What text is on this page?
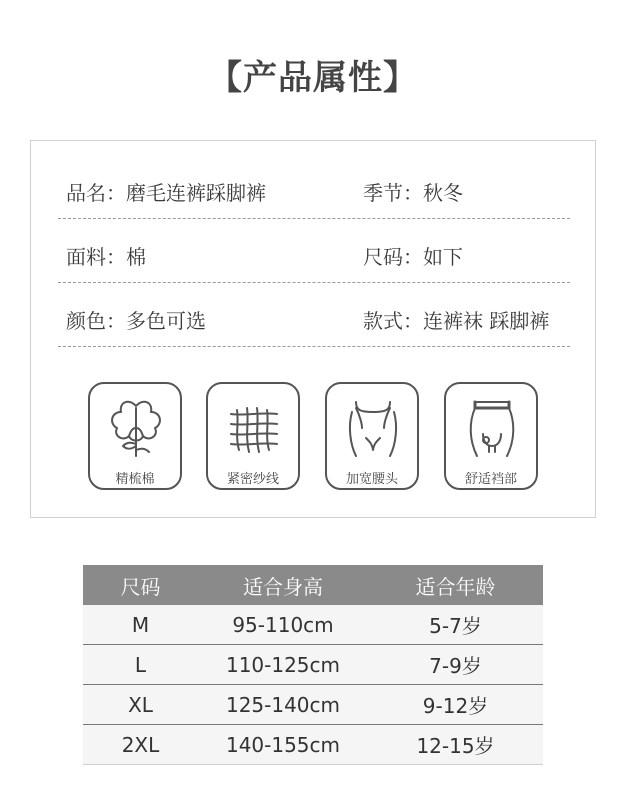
【产品属性】
品名：磨毛连裤踩脚裤	季节：秋冬
面料：棉	尺码：如下
颜色：多色可选	款式：连裤袜 踩脚裤
精梳棉	紧密纱线	加宽腰头	舒适裆部
尺码	适合身高	适合年龄
M	95-110cm	5-7岁
L	110-125cm	7-9岁
XL	125-140cm	9-12岁
2XL	140-155cm	12-15岁
